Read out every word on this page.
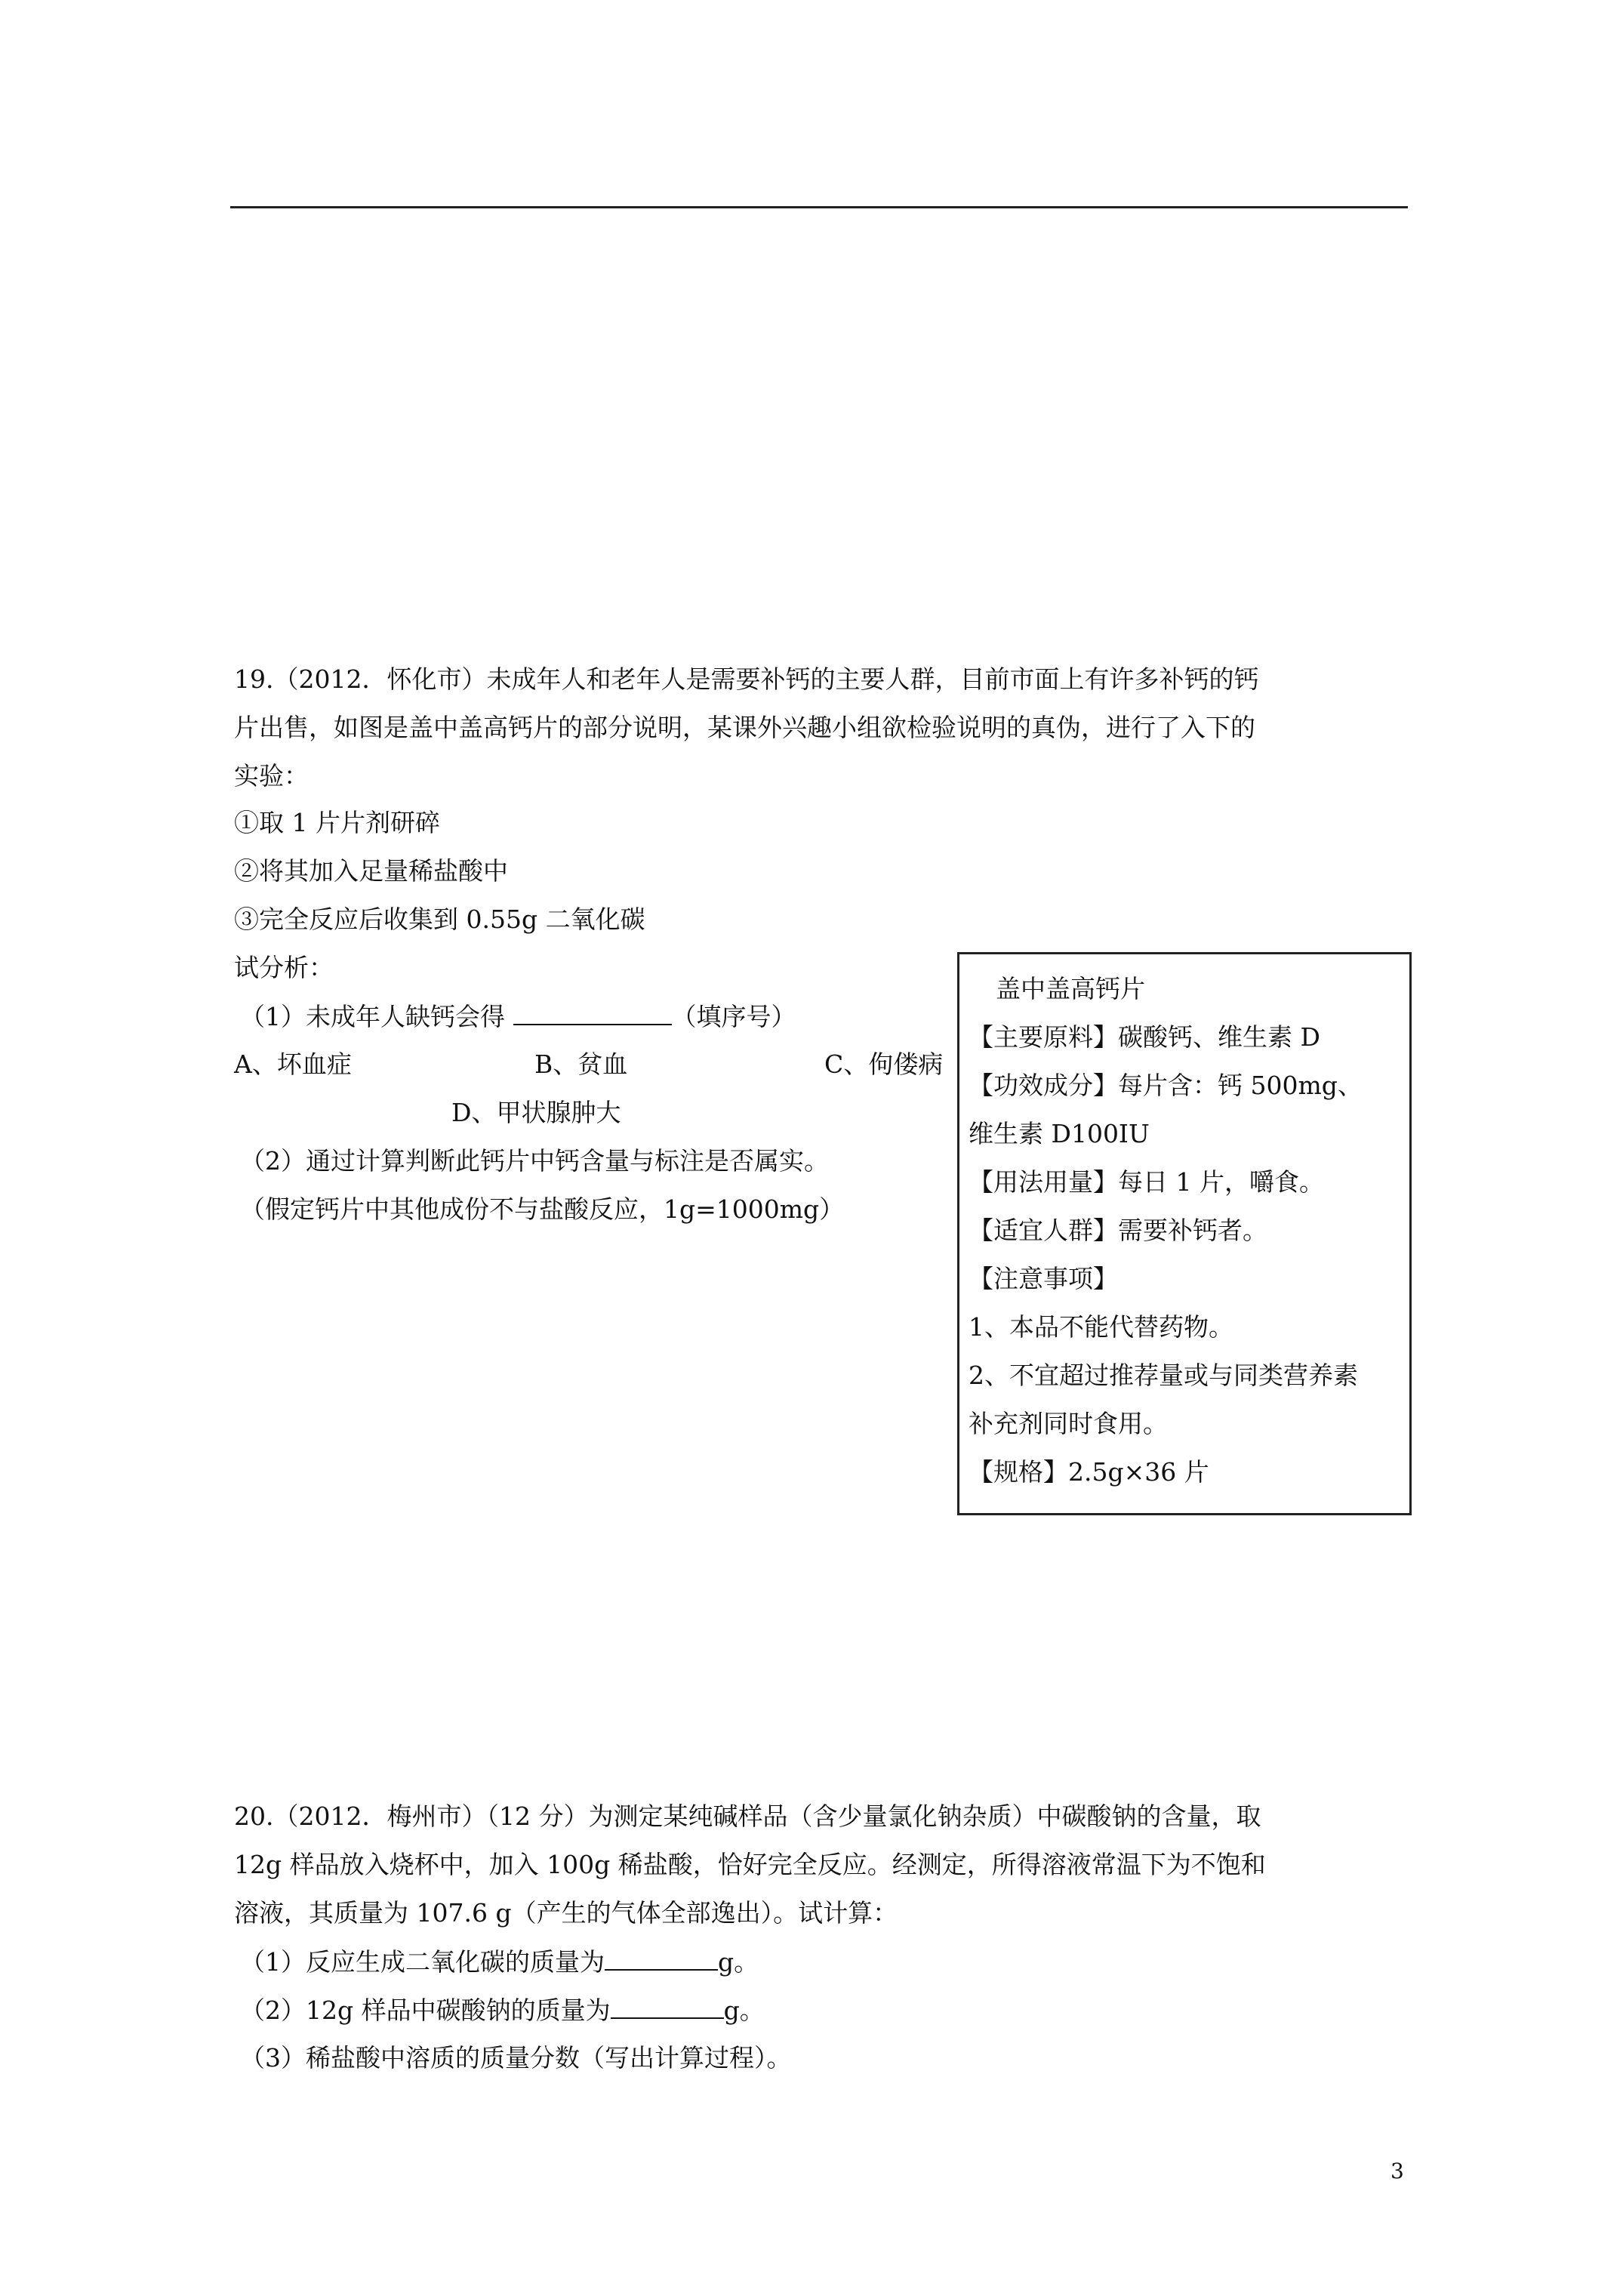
19.（2012．怀化市）未成年人和老年人是需要补钙的主要人群，目前市面上有许多补钙的钙
片出售，如图是盖中盖高钙片的部分说明，某课外兴趣小组欲检验说明的真伪，进行了入下的
实验：
①取 1 片片剂研碎
②将其加入足量稀盐酸中
③完全反应后收集到 0.55g 二氧化碳
试分析：
（1）未成年人缺钙会得	（填序号）
A、坏血症	B、贫血	C、佝偻病
D、甲状腺肿大
（2）通过计算判断此钙片中钙含量与标注是否属实。
（假定钙片中其他成份不与盐酸反应，1g=1000mg）
盖中盖高钙片
【主要原料】碳酸钙、维生素 D
【功效成分】每片含：钙 500mg、
维生素 D100IU
【用法用量】每日 1 片，嚼食。
【适宜人群】需要补钙者。
【注意事项】
1、本品不能代替药物。
2、不宜超过推荐量或与同类营养素
补充剂同时食用。
【规格】2.5g×36 片
20.（2012．梅州市）（12 分）为测定某纯碱样品（含少量氯化钠杂质）中碳酸钠的含量，取
12g 样品放入烧杯中，加入 100g 稀盐酸，恰好完全反应。经测定，所得溶液常温下为不饱和
溶液，其质量为 107.6 g（产生的气体全部逸出）。试计算：
（1）反应生成二氧化碳的质量为	g。
（2）12g 样品中碳酸钠的质量为	g。
（3）稀盐酸中溶质的质量分数（写出计算过程）。
3
